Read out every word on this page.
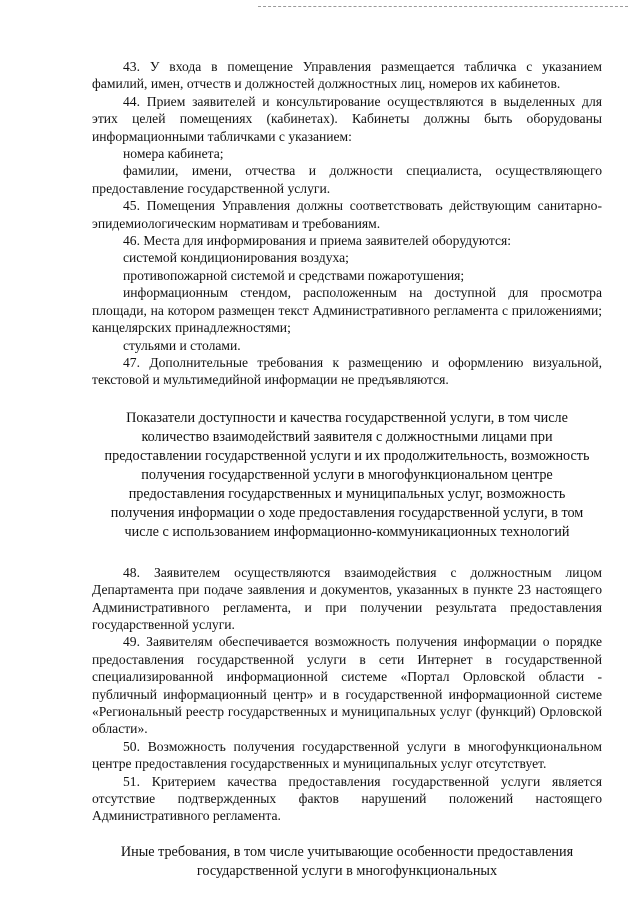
43. У входа в помещение Управления размещается табличка с указанием фамилий, имен, отчеств и должностей должностных лиц, номеров их кабинетов.

44. Прием заявителей и консультирование осуществляются в выделенных для этих целей помещениях (кабинетах). Кабинеты должны быть оборудованы информационными табличками с указанием:

номера кабинета;

фамилии, имени, отчества и должности специалиста, осуществляющего предоставление государственной услуги.

45. Помещения Управления должны соответствовать действующим санитарно-эпидемиологическим нормативам и требованиям.

46. Места для информирования и приема заявителей оборудуются:

системой кондиционирования воздуха;

противопожарной системой и средствами пожаротушения;

информационным стендом, расположенным на доступной для просмотра площади, на котором размещен текст Административного регламента с приложениями; канцелярских принадлежностями;

стульями и столами.

47. Дополнительные требования к размещению и оформлению визуальной, текстовой и мультимедийной информации не предъявляются.

Показатели доступности и качества государственной услуги, в том числе количество взаимодействий заявителя с должностными лицами при предоставлении государственной услуги и их продолжительность, возможность получения государственной услуги в многофункциональном центре предоставления государственных и муниципальных услуг, возможность получения информации о ходе предоставления государственной услуги, в том числе с использованием информационно-коммуникационных технологий

48. Заявителем осуществляются взаимодействия с должностным лицом Департамента при подаче заявления и документов, указанных в пункте 23 настоящего Административного регламента, и при получении результата предоставления государственной услуги.

49. Заявителям обеспечивается возможность получения информации о порядке предоставления государственной услуги в сети Интернет в государственной специализированной информационной системе «Портал Орловской области - публичный информационный центр» и в государственной информационной системе «Региональный реестр государственных и муниципальных услуг (функций) Орловской области».

50. Возможность получения государственной услуги в многофункциональном центре предоставления государственных и муниципальных услуг отсутствует.

51. Критерием качества предоставления государственной услуги является отсутствие подтвержденных фактов нарушений положений настоящего Административного регламента.

Иные требования, в том числе учитывающие особенности предоставления государственной услуги в многофункциональных
